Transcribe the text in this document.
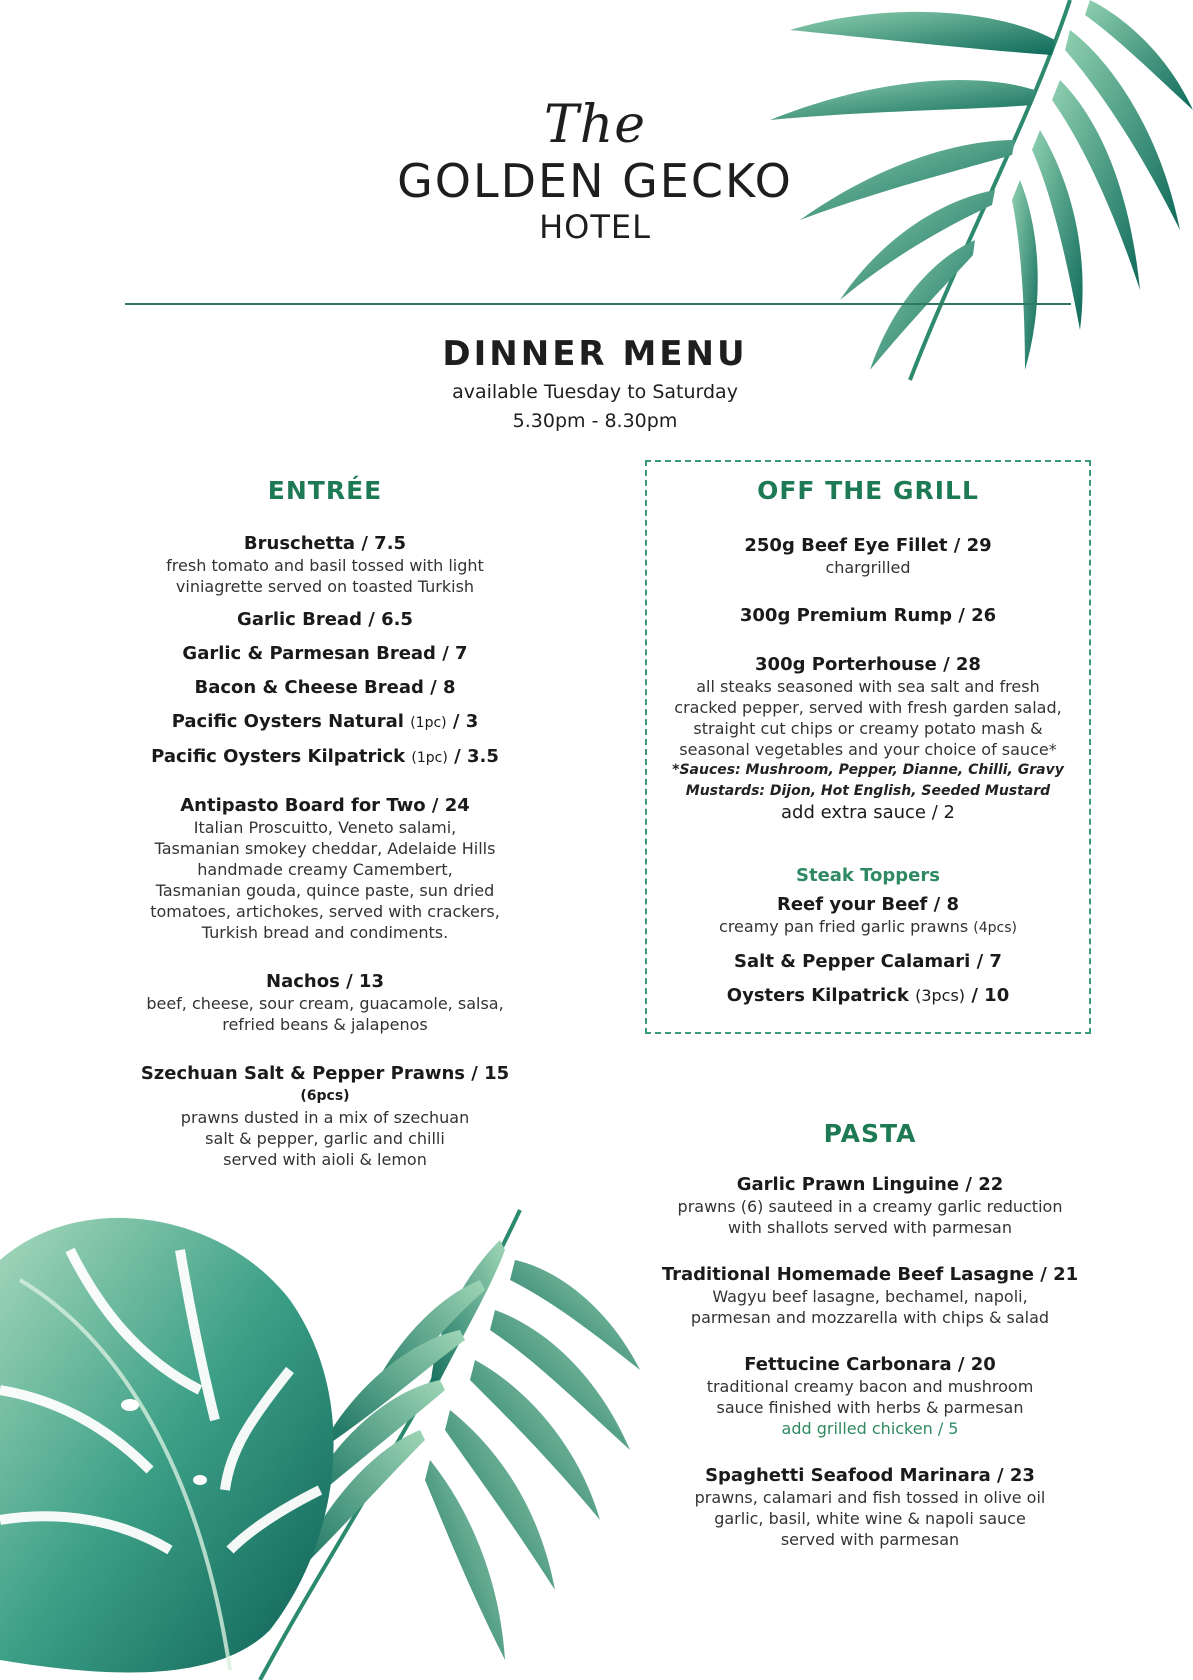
The
GOLDEN GECKO
HOTEL
DINNER MENU
available Tuesday to Saturday
5.30pm - 8.30pm
ENTRÉE
Bruschetta / 7.5
fresh tomato and basil tossed with light
viniagrette served on toasted Turkish
Garlic Bread / 6.5
Garlic & Parmesan Bread / 7
Bacon & Cheese Bread / 8
Pacific Oysters Natural (1pc) / 3
Pacific Oysters Kilpatrick (1pc) / 3.5
Antipasto Board for Two / 24
Italian Proscuitto, Veneto salami,
Tasmanian smokey cheddar, Adelaide Hills
handmade creamy Camembert,
Tasmanian gouda, quince paste, sun dried
tomatoes, artichokes, served with crackers,
Turkish bread and condiments.
Nachos / 13
beef, cheese, sour cream, guacamole, salsa,
refried beans & jalapenos
Szechuan Salt & Pepper Prawns / 15
(6pcs)
prawns dusted in a mix of szechuan
salt & pepper, garlic and chilli
served with aioli & lemon
OFF THE GRILL
250g Beef Eye Fillet / 29
chargrilled
300g Premium Rump / 26
300g Porterhouse / 28
all steaks seasoned with sea salt and fresh
cracked pepper, served with fresh garden salad,
straight cut chips or creamy potato mash &
seasonal vegetables and your choice of sauce*
*Sauces: Mushroom, Pepper, Dianne, Chilli, Gravy
Mustards: Dijon, Hot English, Seeded Mustard
add extra sauce / 2
Steak Toppers
Reef your Beef / 8
creamy pan fried garlic prawns (4pcs)
Salt & Pepper Calamari / 7
Oysters Kilpatrick (3pcs) / 10
PASTA
Garlic Prawn Linguine / 22
prawns (6) sauteed in a creamy garlic reduction
with shallots served with parmesan
Traditional Homemade Beef Lasagne / 21
Wagyu beef lasagne, bechamel, napoli,
parmesan and mozzarella with chips & salad
Fettucine Carbonara / 20
traditional creamy bacon and mushroom
sauce finished with herbs & parmesan
add grilled chicken / 5
Spaghetti Seafood Marinara / 23
prawns, calamari and fish tossed in olive oil
garlic, basil, white wine & napoli sauce
served with parmesan
